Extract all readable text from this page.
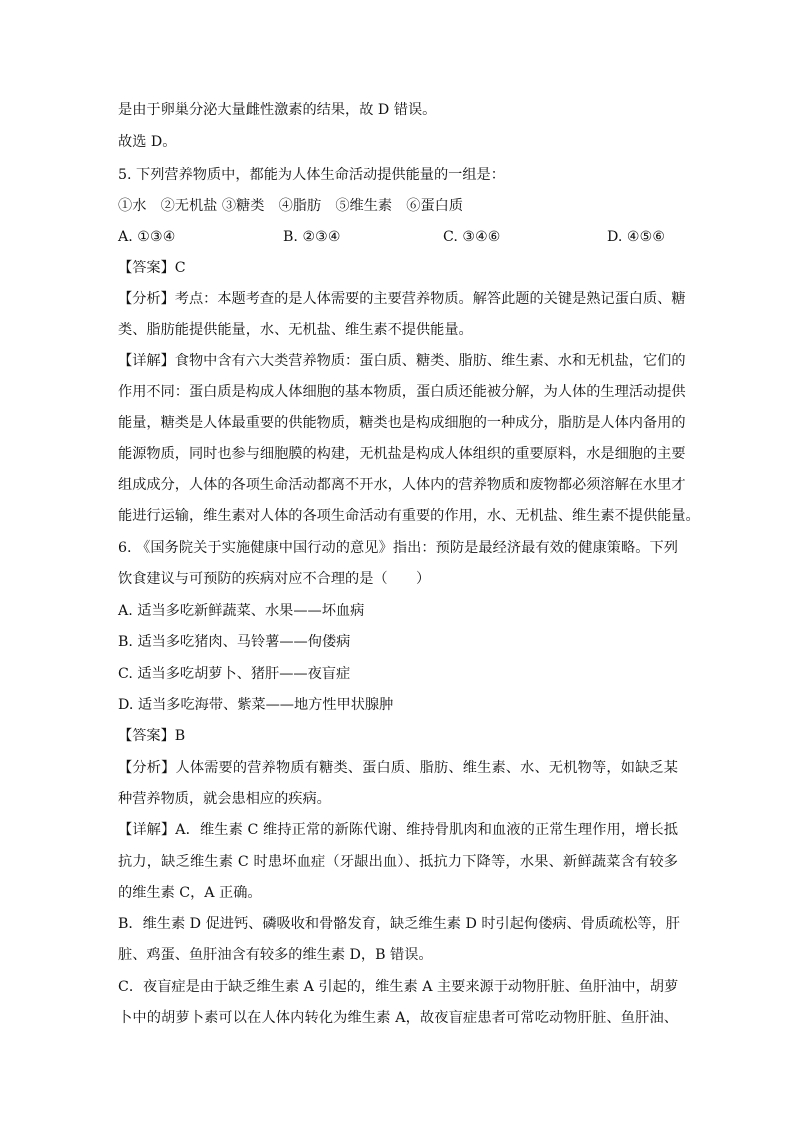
是由于卵巢分泌大量雌性激素的结果，故 D 错误。
故选 D。
5. 下列营养物质中，都能为人体生命活动提供能量的一组是：
①水　②无机盐 ③糖类　④脂肪　⑤维生素　⑥蛋白质
A. ①③④	B. ②③④	C. ③④⑥	D. ④⑤⑥
【答案】C
【分析】考点：本题考查的是人体需要的主要营养物质。解答此题的关键是熟记蛋白质、糖
类、脂肪能提供能量，水、无机盐、维生素不提供能量。
【详解】食物中含有六大类营养物质：蛋白质、糖类、脂肪、维生素、水和无机盐，它们的
作用不同：蛋白质是构成人体细胞的基本物质，蛋白质还能被分解，为人体的生理活动提供
能量，糖类是人体最重要的供能物质，糖类也是构成细胞的一种成分，脂肪是人体内备用的
能源物质，同时也参与细胞膜的构建，无机盐是构成人体组织的重要原料，水是细胞的主要
组成成分，人体的各项生命活动都离不开水，人体内的营养物质和废物都必须溶解在水里才
能进行运输，维生素对人体的各项生命活动有重要的作用，水、无机盐、维生素不提供能量。
6. 《国务院关于实施健康中国行动的意见》指出：预防是最经济最有效的健康策略。下列
饮食建议与可预防的疾病对应不合理的是（　　）
A. 适当多吃新鲜蔬菜、水果——坏血病
B. 适当多吃猪肉、马铃薯——佝偻病
C. 适当多吃胡萝卜、猪肝——夜盲症
D. 适当多吃海带、紫菜——地方性甲状腺肿
【答案】B
【分析】人体需要的营养物质有糖类、蛋白质、脂肪、维生素、水、无机物等，如缺乏某
种营养物质，就会患相应的疾病。
【详解】A．维生素 C 维持正常的新陈代谢、维持骨肌肉和血液的正常生理作用，增长抵
抗力，缺乏维生素 C 时患坏血症（牙龈出血）、抵抗力下降等，水果、新鲜蔬菜含有较多
的维生素 C，A 正确。
B．维生素 D 促进钙、磷吸收和骨骼发育，缺乏维生素 D 时引起佝偻病、骨质疏松等，肝
脏、鸡蛋、鱼肝油含有较多的维生素 D，B 错误。
C．夜盲症是由于缺乏维生素 A 引起的，维生素 A 主要来源于动物肝脏、鱼肝油中，胡萝
卜中的胡萝卜素可以在人体内转化为维生素 A，故夜盲症患者可常吃动物肝脏、鱼肝油、
